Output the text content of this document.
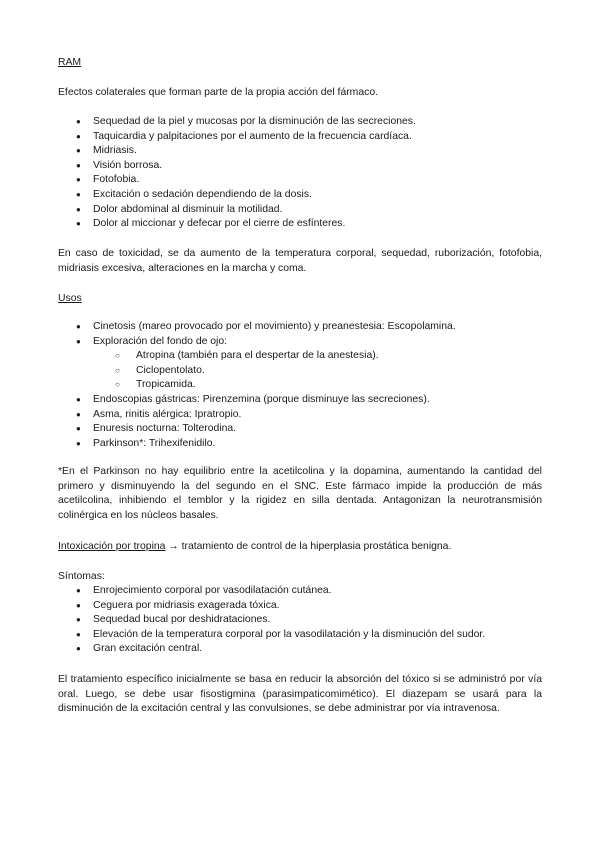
RAM

Efectos colaterales que forman parte de la propia acción del fármaco.

● Sequedad de la piel y mucosas por la disminución de las secreciones.
● Taquicardia y palpitaciones por el aumento de la frecuencia cardíaca.
● Midriasis.
● Visión borrosa.
● Fotofobia.
● Excitación o sedación dependiendo de la dosis.
● Dolor abdominal al disminuir la motilidad.
● Dolor al miccionar y defecar por el cierre de esfínteres.

En caso de toxicidad, se da aumento de la temperatura corporal, sequedad, ruborización, fotofobia, midriasis excesiva, alteraciones en la marcha y coma.

Usos

● Cinetosis (mareo provocado por el movimiento) y preanestesia: Escopolamina.
● Exploración del fondo de ojo:
○ Atropina (también para el despertar de la anestesia).
○ Ciclopentolato.
○ Tropicamida.
● Endoscopias gástricas: Pirenzemina (porque disminuye las secreciones).
● Asma, rinitis alérgica: Ipratropio.
● Enuresis nocturna: Tolterodina.
● Parkinson*: Trihexifenidilo.

*En el Parkinson no hay equilibrio entre la acetilcolina y la dopamina, aumentando la cantidad del primero y disminuyendo la del segundo en el SNC. Este fármaco impide la producción de más acetilcolina, inhibiendo el temblor y la rigidez en silla dentada. Antagonizan la neurotransmisión colinérgica en los núcleos basales.

Intoxicación por tropina → tratamiento de control de la hiperplasia prostática benigna.

Síntomas:

● Enrojecimiento corporal por vasodilatación cutánea.
● Ceguera por midriasis exagerada tóxica.
● Sequedad bucal por deshidrataciones.
● Elevación de la temperatura corporal por la vasodilatación y la disminución del sudor.
● Gran excitación central.

El tratamiento específico inicialmente se basa en reducir la absorción del tóxico si se administró por vía oral. Luego, se debe usar fisostigmina (parasimpaticomimético). El diazepam se usará para la disminución de la excitación central y las convulsiones, se debe administrar por vía intravenosa.
